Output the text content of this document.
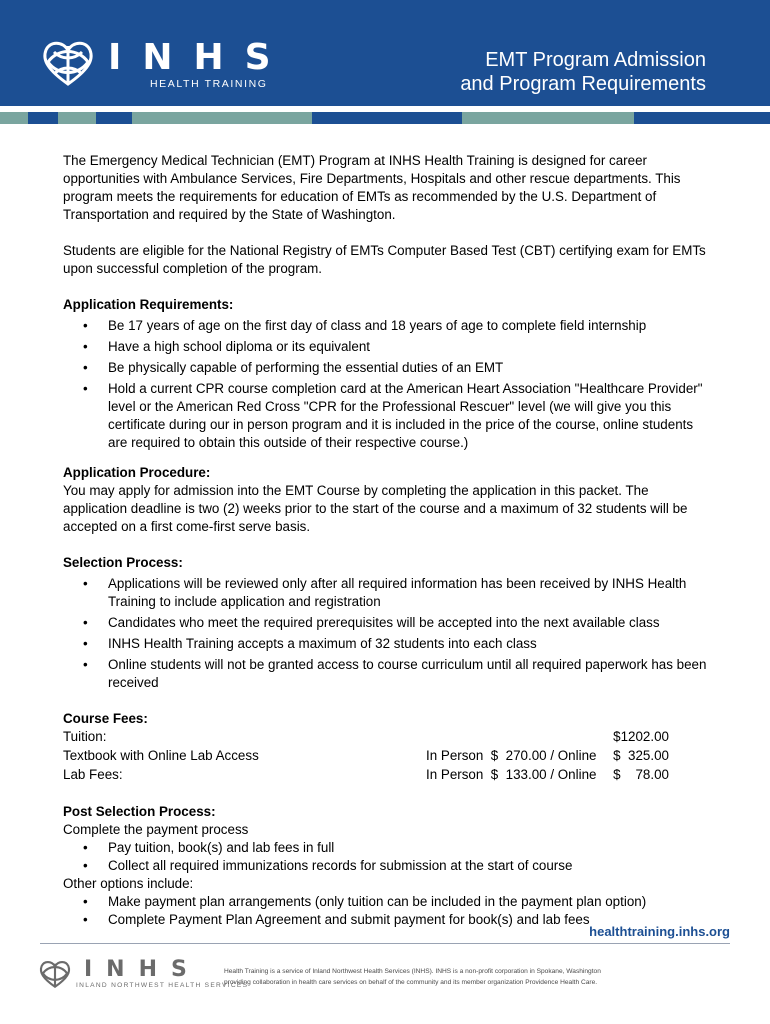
INHS
HEALTH TRAINING
EMT Program Admission
and Program Requirements

The Emergency Medical Technician (EMT) Program at INHS Health Training is designed for career opportunities with Ambulance Services, Fire Departments, Hospitals and other rescue departments. This program meets the requirements for education of EMTs as recommended by the U.S. Department of Transportation and required by the State of Washington.

Students are eligible for the National Registry of EMTs Computer Based Test (CBT) certifying exam for EMTs upon successful completion of the program.

Application Requirements:
• Be 17 years of age on the first day of class and 18 years of age to complete field internship
• Have a high school diploma or its equivalent
• Be physically capable of performing the essential duties of an EMT
• Hold a current CPR course completion card at the American Heart Association "Healthcare Provider" level or the American Red Cross "CPR for the Professional Rescuer" level (we will give you this certificate during our in person program and it is included in the price of the course, online students are required to obtain this outside of their respective course.)
Application Procedure:

You may apply for admission into the EMT Course by completing the application in this packet. The application deadline is two (2) weeks prior to the start of the course and a maximum of 32 students will be accepted on a first come-first serve basis.

Selection Process:
• Applications will be reviewed only after all required information has been received by INHS Health Training to include application and registration
• Candidates who meet the required prerequisites will be accepted into the next available class
• INHS Health Training accepts a maximum of 32 students into each class
• Online students will not be granted access to course curriculum until all required paperwork has been received
Course Fees:
Tuition:	$1202.00
Textbook with Online Lab Access	In Person  $  270.00 / Online $  325.00
Lab Fees:	In Person  $  133.00 / Online $    78.00
Post Selection Process:

Complete the payment process

• Pay tuition, book(s) and lab fees in full
• Collect all required immunizations records for submission at the start of course

Other options include:

• Make payment plan arrangements (only tuition can be included in the payment plan option)
• Complete Payment Plan Agreement and submit payment for book(s) and lab fees
healthtraining.inhs.org
INHS
INLAND NORTHWEST HEALTH SERVICES
Health Training is a service of Inland Northwest Health Services (INHS). INHS is a non-profit corporation in Spokane, Washington
providing collaboration in health care services on behalf of the community and its member organization Providence Health Care.
